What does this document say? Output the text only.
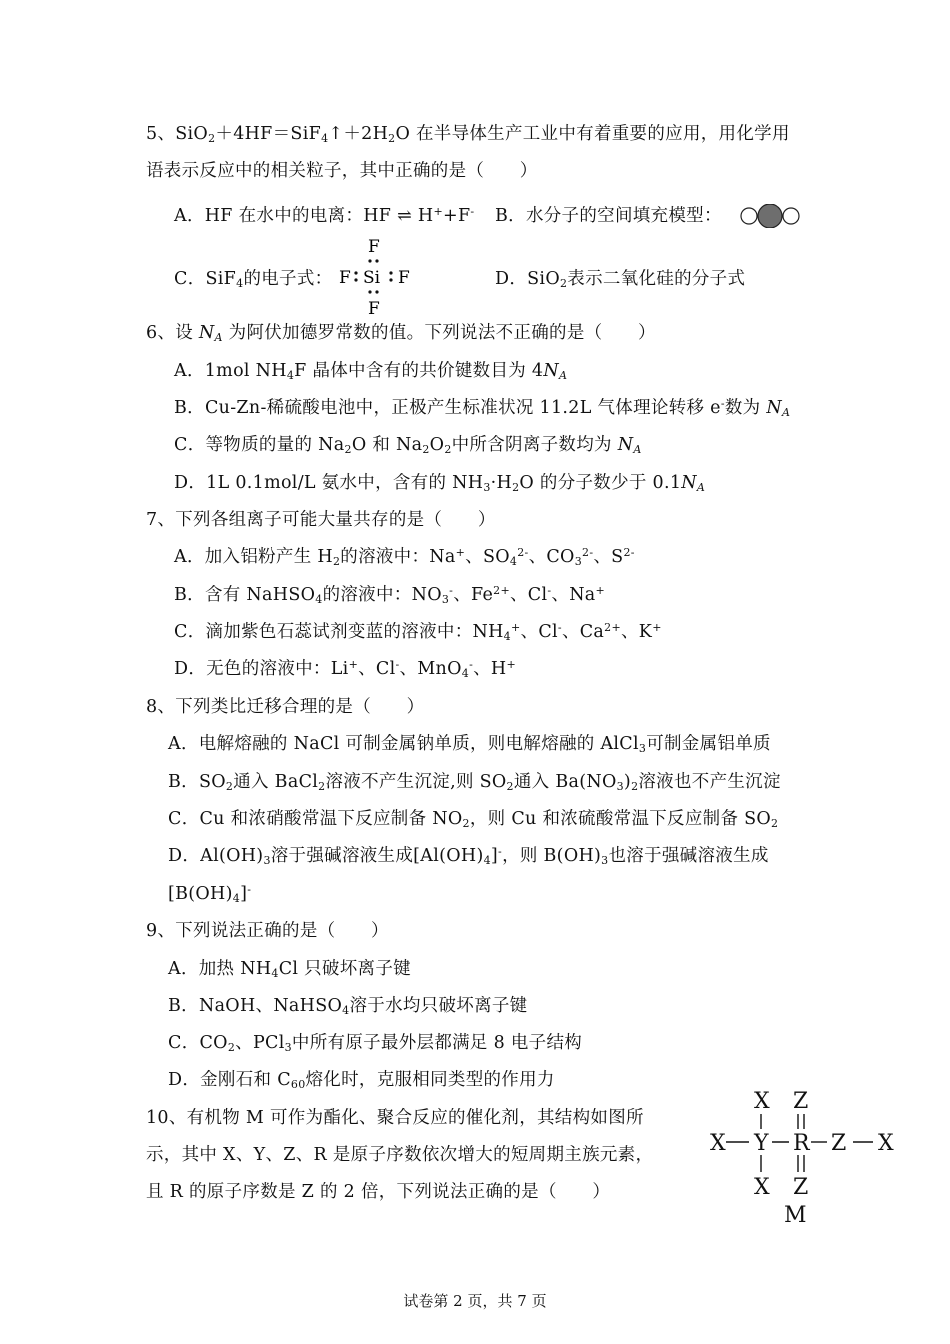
5、$SiO_2+4HF=SiF_4↑+2H_2O$ 在半导体生产工业中有着重要的应用，用化学用
语表示反应中的相关粒子，其中正确的是（　　）
A．HF 在水中的电离：HF ⇌ H++F- B．水分子的空间填充模型：
C．SiF$_4$的电子式：
F
F Si F
F
D．SiO$_2$表示二氧化硅的分子式
6、设 $N_A$ 为阿伏加德罗常数的值。下列说法不正确的是（　　）
A．1mol $NH_4F$ 晶体中含有的共价键数目为 $4N_A$
B．Cu-Zn-稀硫酸电池中，正极产生标准状况 11.2L 气体理论转移 e-数为 $N_A$
C．等物质的量的 $Na_2O$ 和 $Na_2O_2$中所含阴离子数均为 $N_A$
D．1L 0.1mol/L 氨水中，含有的 $NH_3\cdot H_2O$ 的分子数少于 $0.1N_A$
7、下列各组离子可能大量共存的是（　　）
A．加入铝粉产生 $H_2$的溶液中：Na+、$SO_4^{2-}$、$CO_3^{2-}$、$S^{2-}$
B．含有 NaHSO$_4$的溶液中：$NO_3^-$、$Fe^{2+}$、Cl-、Na+
C．滴加紫色石蕊试剂变蓝的溶液中：$NH_4^+$、Cl-、$Ca^{2+}$、K+
D．无色的溶液中：Li+、Cl-、MnO$_4$-、H+
8、下列类比迁移合理的是（　　）
A．电解熔融的 NaCl 可制金属钠单质，则电解熔融的 AlCl$_3$可制金属铝单质
B．$SO_2$通入 BaCl$_2$溶液不产生沉淀,则 $SO_2$通入 $Ba(NO_3)_2$溶液也不产生沉淀
C．Cu 和浓硝酸常温下反应制备 $NO_2$，则 Cu 和浓硫酸常温下反应制备 $SO_2$
D．$Al(OH)_3$溶于强碱溶液生成$[Al(OH)_4]^-$，则 $B(OH)_3$也溶于强碱溶液生成
$[B(OH)_4]^-$
9、下列说法正确的是（　　）
A．加热 $NH_4Cl$ 只破坏离子键
B．NaOH、NaHSO$_4$溶于水均只破坏离子键
C．$CO_2$、PCl$_3$中所有原子最外层都满足 8 电子结构
D．金刚石和 $C_{60}$熔化时，克服相同类型的作用力
10、有机物 M 可作为酯化、聚合反应的催化剂，其结构如图所
示，其中 X、Y、Z、R 是原子序数依次增大的短周期主族元素，
且 R 的原子序数是 Z 的 2 倍，下列说法正确的是（　　）
X Z
X Y R Z X
X Z
M
试卷第 2 页，共 7 页
